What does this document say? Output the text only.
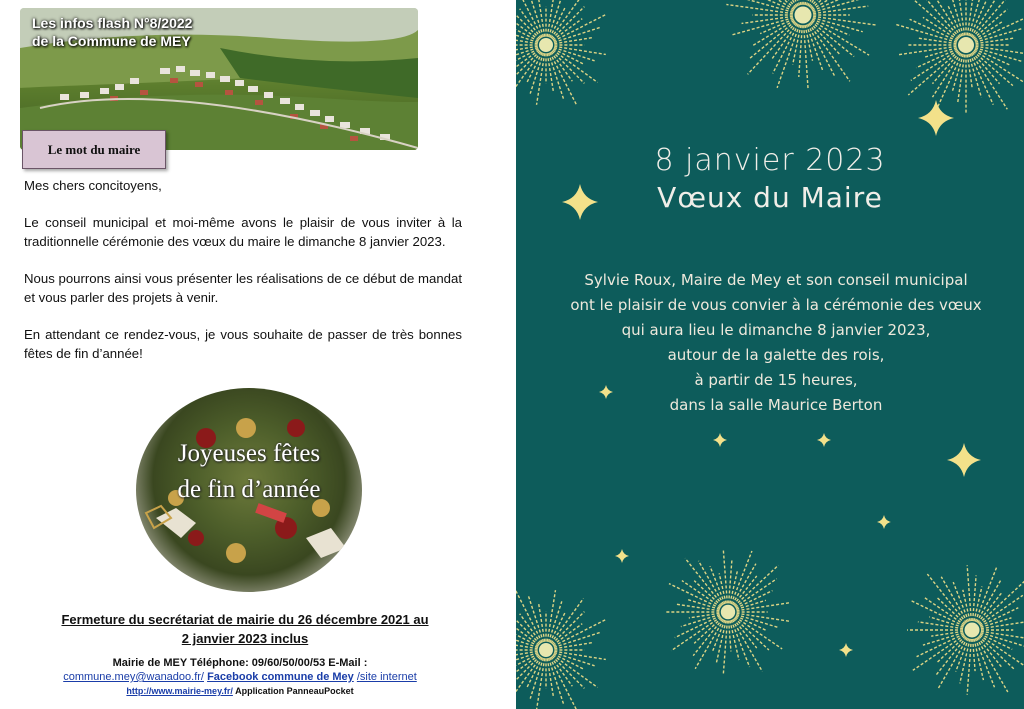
Les infos flash N°8/2022
de la Commune de MEY
Le mot du maire

Mes chers concitoyens,

Le conseil municipal et moi-même avons le plaisir de vous inviter à la traditionnelle cérémonie des vœux du maire le dimanche 8 janvier 2023.

Nous pourrons ainsi vous présenter les réalisations de ce début de mandat et vous parler des projets à venir.

En attendant ce rendez-vous, je vous souhaite de passer de très bonnes fêtes de fin d’année!

Joyeuses fêtes
de fin d’année
Fermeture du secrétariat de mairie du 26 décembre 2021 au
2 janvier 2023 inclus
Mairie de MEY Téléphone: 09/60/50/00/53 E-Mail :
commune.mey@wanadoo.fr/ Facebook commune de Mey /site internet
http://www.mairie-mey.fr/ Application PanneauPocket
8 janvier 2023
Vœux du Maire
Sylvie Roux, Maire de Mey et son conseil municipal
ont le plaisir de vous convier à la cérémonie des vœux
qui aura lieu le dimanche 8 janvier 2023,
autour de la galette des rois,
à partir de 15 heures,
dans la salle Maurice Berton
